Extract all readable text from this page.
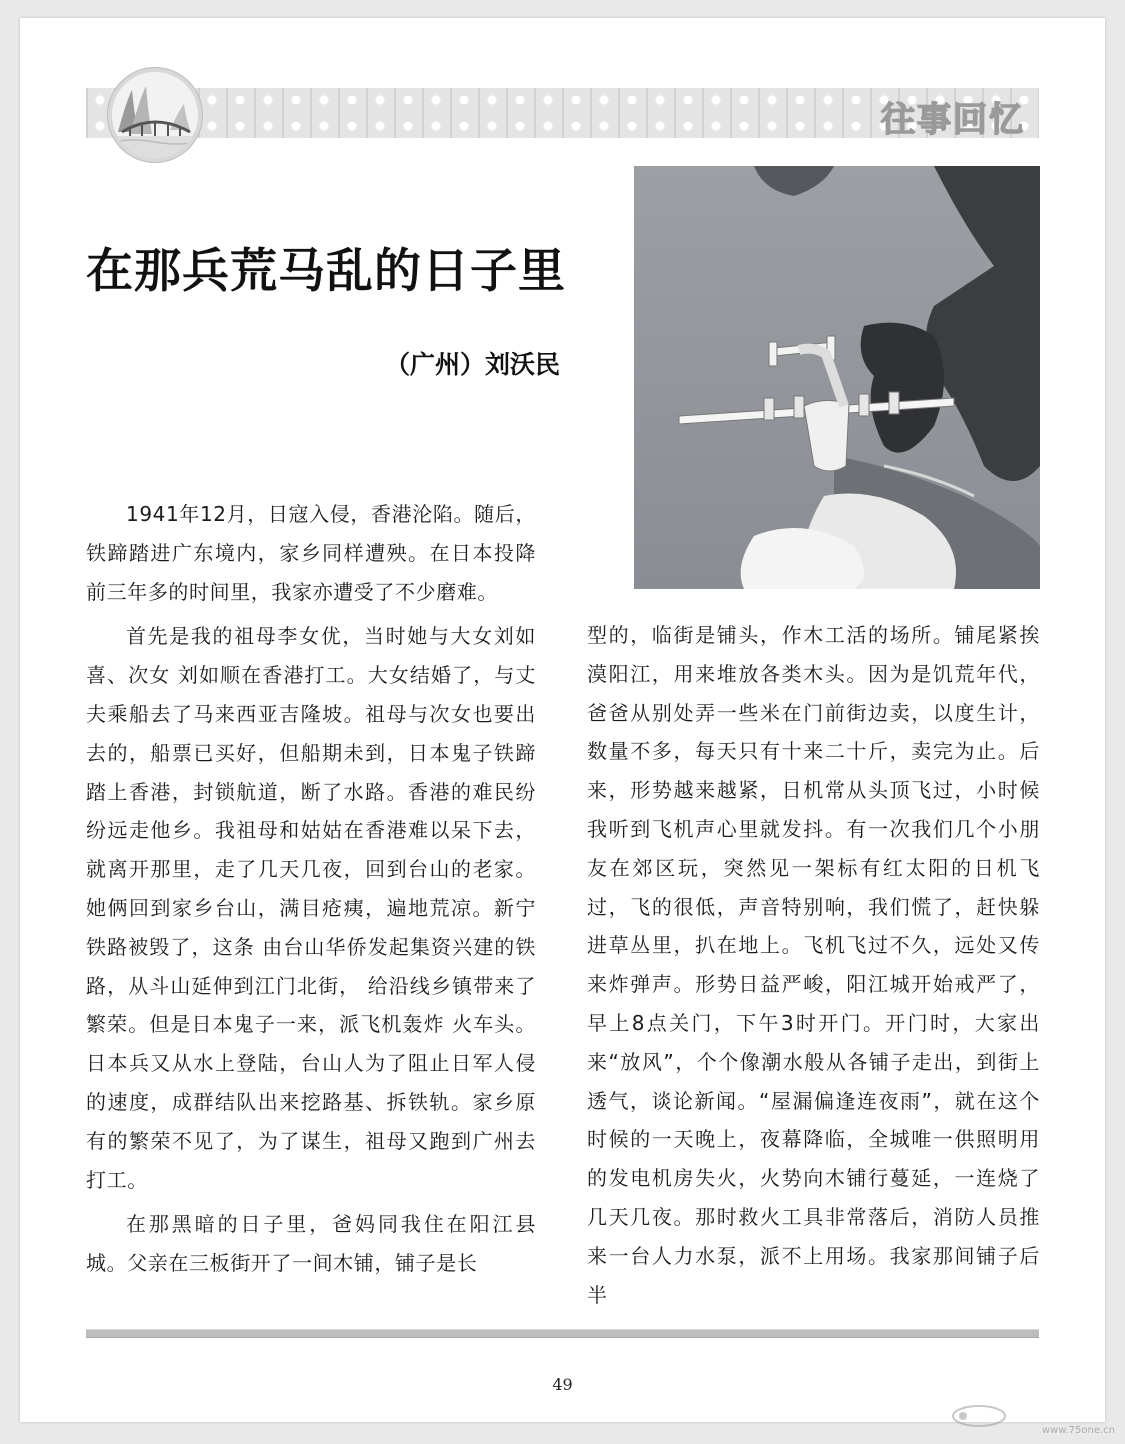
往事回忆
在那兵荒马乱的日子里
（广州）刘沃民

1941年12月，日寇入侵，香港沦陷。随后，铁蹄踏进广东境内，家乡同样遭殃。在日本投降前三年多的时间里，我家亦遭受了不少磨难。

首先是我的祖母李女优，当时她与大女刘如喜、次女 刘如顺在香港打工。大女结婚了，与丈夫乘船去了马来西亚吉隆坡。祖母与次女也要出去的，船票已买好，但船期未到，日本鬼子铁蹄踏上香港，封锁航道，断了水路。香港的难民纷纷远走他乡。我祖母和姑姑在香港难以呆下去，就离开那里，走了几天几夜，回到台山的老家。她俩回到家乡台山，满目疮痍，遍地荒凉。新宁铁路被毁了，这条 由台山华侨发起集资兴建的铁路，从斗山延伸到江门北街， 给沿线乡镇带来了繁荣。但是日本鬼子一来，派飞机轰炸 火车头。日本兵又从水上登陆，台山人为了阻止日军人侵的速度，成群结队出来挖路基、拆铁轨。家乡原有的繁荣不见了，为了谋生，祖母又跑到广州去打工。

在那黑暗的日子里，爸妈同我住在阳江县城。父亲在三板街开了一间木铺，铺子是长

型的，临街是铺头，作木工活的场所。铺尾紧挨漠阳江，用来堆放各类木头。因为是饥荒年代，爸爸从别处弄一些米在门前街边卖，以度生计，数量不多，每天只有十来二十斤，卖完为止。后来，形势越来越紧，日机常从头顶飞过，小时候我听到飞机声心里就发抖。有一次我们几个小朋友在郊区玩，突然见一架标有红太阳的日机飞过，飞的很低，声音特别响，我们慌了，赶快躲进草丛里，扒在地上。飞机飞过不久，远处又传来炸弹声。形势日益严峻，阳江城开始戒严了，早上8点关门，下午3时开门。开门时，大家出来“放风”，个个像潮水般从各铺子走出，到街上透气，谈论新闻。“屋漏偏逢连夜雨”，就在这个时候的一天晚上，夜幕降临，全城唯一供照明用的发电机房失火，火势向木铺行蔓延，一连烧了几天几夜。那时救火工具非常落后，消防人员推 来一台人力水泵，派不上用场。我家那间铺子后半

49
www.75one.cn
